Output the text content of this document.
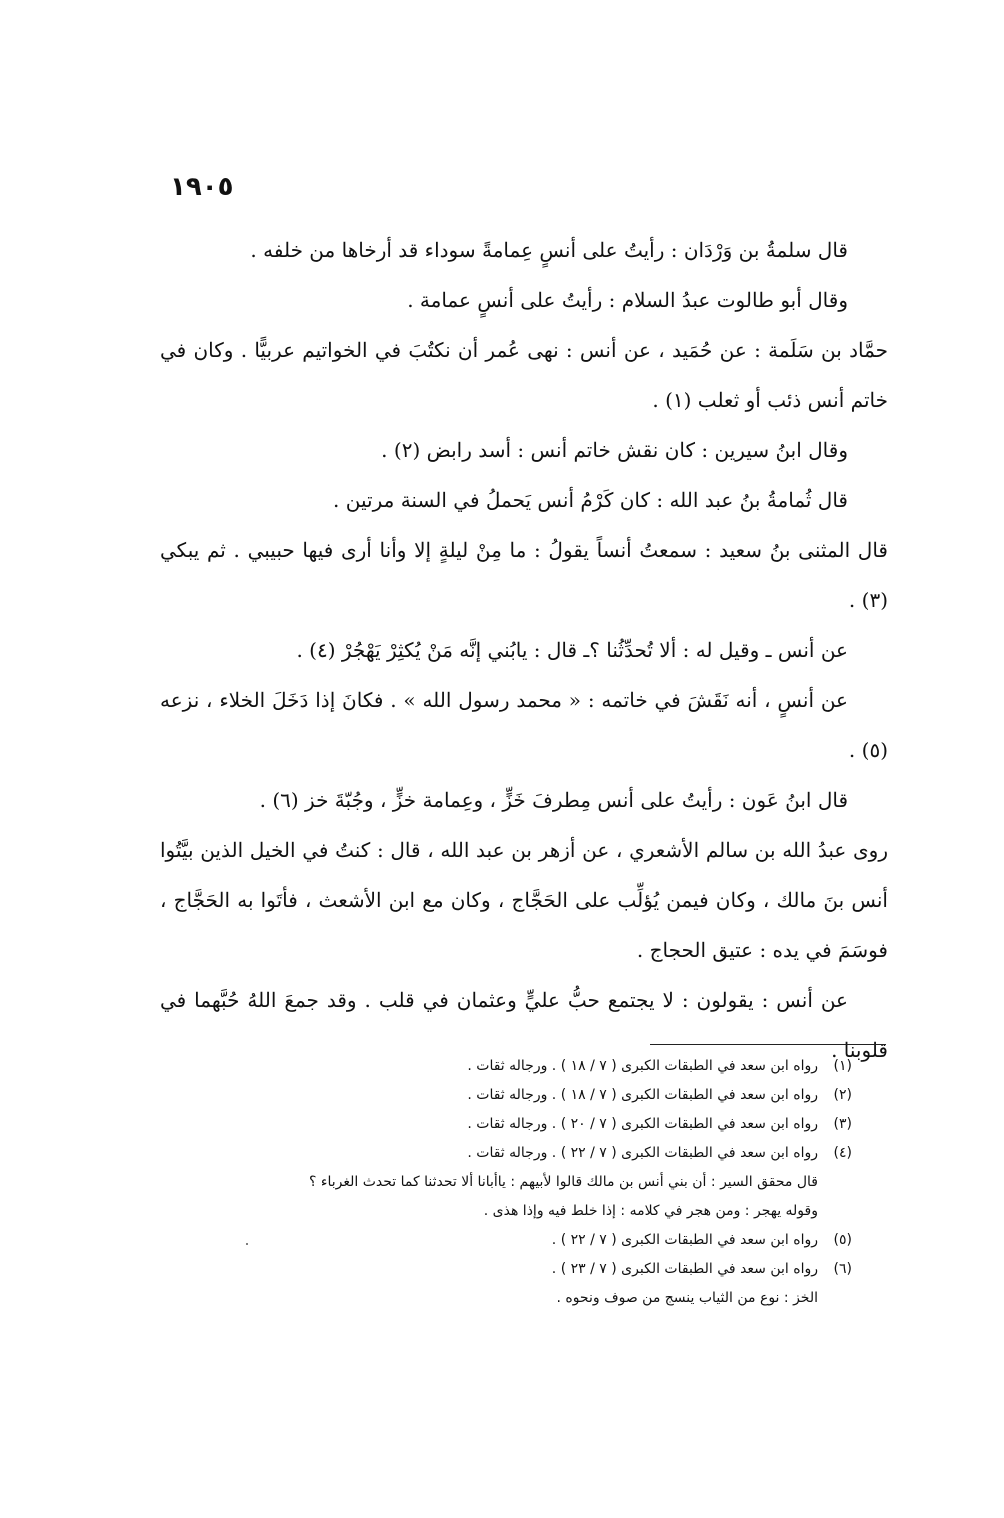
١٩٠٥

قال سلمةُ بن وَرْدَان : رأيتُ على أنسٍ عِمامةً سوداء قد أرخاها من خلفه .

وقال أبو طالوت عبدُ السلام : رأيتُ على أنسٍ عمامة .

حمَّاد بن سَلَمة : عن حُمَيد ، عن أنس : نهى عُمر أن نكتُبَ في الخواتيم عربيًّا . وكان في خاتم أنس ذئب أو ثعلب (١) .

وقال ابنُ سيرين : كان نقش خاتم أنس : أسد رابض (٢) .

قال ثُمامةُ بنُ عبد الله : كان كَرْمُ أنس يَحملُ في السنة مرتين .

قال المثنى بنُ سعيد : سمعتُ أنساً يقولُ : ما مِنْ ليلةٍ إلا وأنا أرى فيها حبيبي . ثم يبكي (٣) .

عن أنس ـ وقيل له : ألا تُحدِّثُنا ؟ـ قال : يابُني إنَّه مَنْ يُكثِرْ يَهْجُرْ (٤) .

عن أنسٍ ، أنه نَقَشَ في خاتمه : « محمد رسول الله » . فكانَ إذا دَخَلَ الخلاء ، نزعه (٥) .

قال ابنُ عَون : رأيتُ على أنس مِطرفَ خَزٍّ ، وعِمامة خزٍّ ، وجُبّةَ خز (٦) .

روى عبدُ الله بن سالم الأشعري ، عن أزهر بن عبد الله ، قال : كنتُ في الخيل الذين بيَّتُوا أنس بنَ مالك ، وكان فيمن يُؤلِّب على الحَجَّاج ، وكان مع ابن الأشعث ، فأتَوا به الحَجَّاج ، فوسَمَ في يده : عتيق الحجاج .

عن أنس : يقولون : لا يجتمع حبُّ عليٍّ وعثمان في قلب . وقد جمعَ اللهُ حُبَّهما في قلوبنا .

(١)
رواه ابن سعد في الطبقات الكبرى ( ٧ / ١٨ ) . ورجاله ثقات .
(٢)
رواه ابن سعد في الطبقات الكبرى ( ٧ / ١٨ ) . ورجاله ثقات .
(٣)
رواه ابن سعد في الطبقات الكبرى ( ٧ / ٢٠ ) . ورجاله ثقات .
(٤)
رواه ابن سعد في الطبقات الكبرى ( ٧ / ٢٢ ) . ورجاله ثقات .
قال محقق السير : أن بني أنس بن مالك قالوا لأبيهم : ياأبانا ألا تحدثنا كما تحدث الغرباء ؟
وقوله يهجر : ومن هجر في كلامه : إذا خلط فيه وإذا هذى .
(٥)
رواه ابن سعد في الطبقات الكبرى ( ٧ / ٢٢ ) .
(٦)
رواه ابن سعد في الطبقات الكبرى ( ٧ / ٢٣ ) .
الخز : نوع من الثياب ينسج من صوف ونحوه .
